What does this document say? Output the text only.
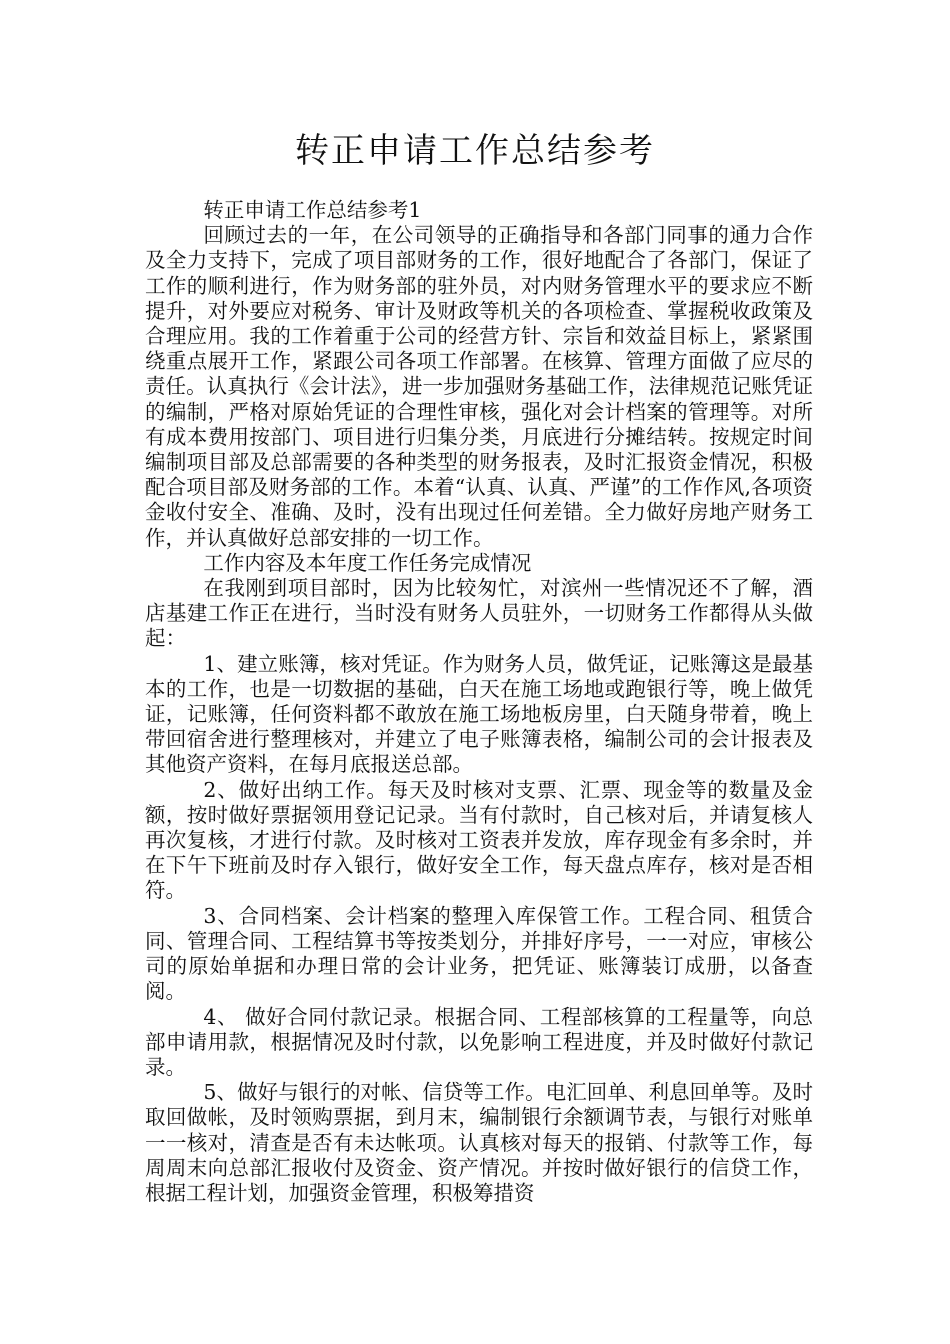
转正申请工作总结参考

转正申请工作总结参考1

回顾过去的一年，在公司领导的正确指导和各部门同事的通力合作及全力支持下，完成了项目部财务的工作，很好地配合了各部门，保证了工作的顺利进行，作为财务部的驻外员，对内财务管理水平的要求应不断提升，对外要应对税务、审计及财政等机关的各项检查、掌握税收政策及合理应用。我的工作着重于公司的经营方针、宗旨和效益目标上，紧紧围绕重点展开工作，紧跟公司各项工作部署。在核算、管理方面做了应尽的责任。认真执行《会计法》，进一步加强财务基础工作，法律规范记账凭证的编制，严格对原始凭证的合理性审核，强化对会计档案的管理等。对所有成本费用按部门、项目进行归集分类，月底进行分摊结转。按规定时间编制项目部及总部需要的各种类型的财务报表，及时汇报资金情况，积极配合项目部及财务部的工作。本着“认真、认真、严谨”的工作作风,各项资金收付安全、准确、及时，没有出现过任何差错。全力做好房地产财务工作，并认真做好总部安排的一切工作。

工作内容及本年度工作任务完成情况

在我刚到项目部时，因为比较匆忙，对滨州一些情况还不了解，酒店基建工作正在进行，当时没有财务人员驻外，一切财务工作都得从头做起：

1、建立账簿，核对凭证。作为财务人员，做凭证，记账簿这是最基本的工作，也是一切数据的基础，白天在施工场地或跑银行等，晚上做凭证，记账簿，任何资料都不敢放在施工场地板房里，白天随身带着，晚上带回宿舍进行整理核对，并建立了电子账簿表格，编制公司的会计报表及其他资产资料，在每月底报送总部。

2、做好出纳工作。每天及时核对支票、汇票、现金等的数量及金额，按时做好票据领用登记记录。当有付款时，自己核对后，并请复核人再次复核，才进行付款。及时核对工资表并发放，库存现金有多余时，并在下午下班前及时存入银行，做好安全工作，每天盘点库存，核对是否相符。

3、合同档案、会计档案的整理入库保管工作。工程合同、租赁合同、管理合同、工程结算书等按类划分，并排好序号，一一对应，审核公司的原始单据和办理日常的会计业务，把凭证、账簿装订成册，以备查阅。

4、 做好合同付款记录。根据合同、工程部核算的工程量等，向总部申请用款，根据情况及时付款，以免影响工程进度，并及时做好付款记录。

5、做好与银行的对帐、信贷等工作。电汇回单、利息回单等。及时取回做帐，及时领购票据，到月末，编制银行余额调节表，与银行对账单一一核对，清查是否有未达帐项。认真核对每天的报销、付款等工作，每周周末向总部汇报收付及资金、资产情况。并按时做好银行的信贷工作，根据工程计划，加强资金管理，积极筹措资
